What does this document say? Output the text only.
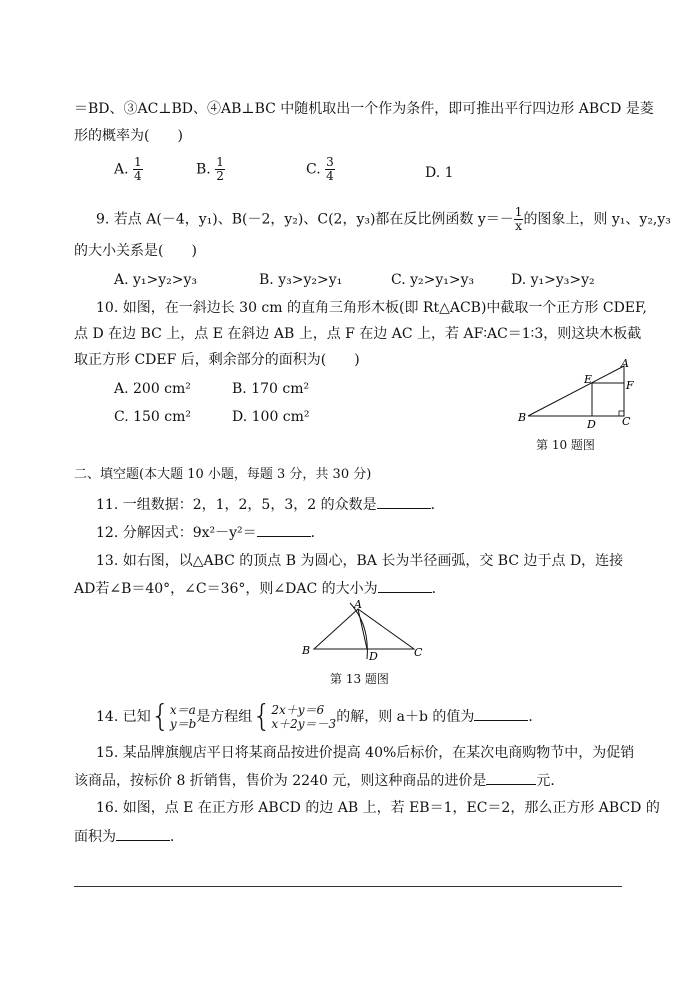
＝BD、③AC⊥BD、④AB⊥BC 中随机取出一个作为条件，即可推出平行四边形 ABCD 是菱
形的概率为(　　)
A. $\frac{1}{4}$	B. $\frac{1}{2}$	C. $\frac{3}{4}$	D. 1
9. 若点 A(－4，y₁)、B(－2，y₂)、C(2，y₃)都在反比例函数 $y=- \frac{1}{x}$ 的图象上，则 y₁、y₂,y₃
的大小关系是(　　)
A. y₁>y₂>y₃	B. y₃>y₂>y₁	C. y₂>y₁>y₃	D. y₁>y₃>y₂
10. 如图，在一斜边长 30 cm 的直角三角形木板(即 Rt△ACB)中截取一个正方形 CDEF,
点 D 在边 BC 上，点 E 在斜边 AB 上，点 F 在边 AC 上，若 AF∶AC＝1∶3，则这块木板截
取正方形 CDEF 后，剩余部分的面积为(　　)
A. 200 cm²	B. 170 cm²
C. 150 cm²	D. 100 cm²
A
B	C
D
E	F
第 10 题图
二、填空题(本大题 10 小题，每题 3 分，共 30 分)
11. 一组数据：2，1，2，5，3，2 的众数是	．
12. 分解因式：9x²－y²＝	．
13. 如右图，以△ABC 的顶点 B 为圆心，BA 长为半径画弧，交 BC 边于点 D，连接
AD若∠B＝40°，∠C＝36°，则∠DAC 的大小为	．
A
B	C
D
第 13 题图
14. 已知{ x＝a
y＝b 是方程组{ 2x＋y＝6
x＋2y＝－3 的解，则 a＋b 的值为	．
15. 某品牌旗舰店平日将某商品按进价提高 40%后标价，在某次电商购物节中，为促销
该商品，按标价 8 折销售，售价为 2240 元，则这种商品的进价是	元．
16. 如图，点 E 在正方形 ABCD 的边 AB 上，若 EB＝1，EC＝2，那么正方形 ABCD 的
面积为	．
